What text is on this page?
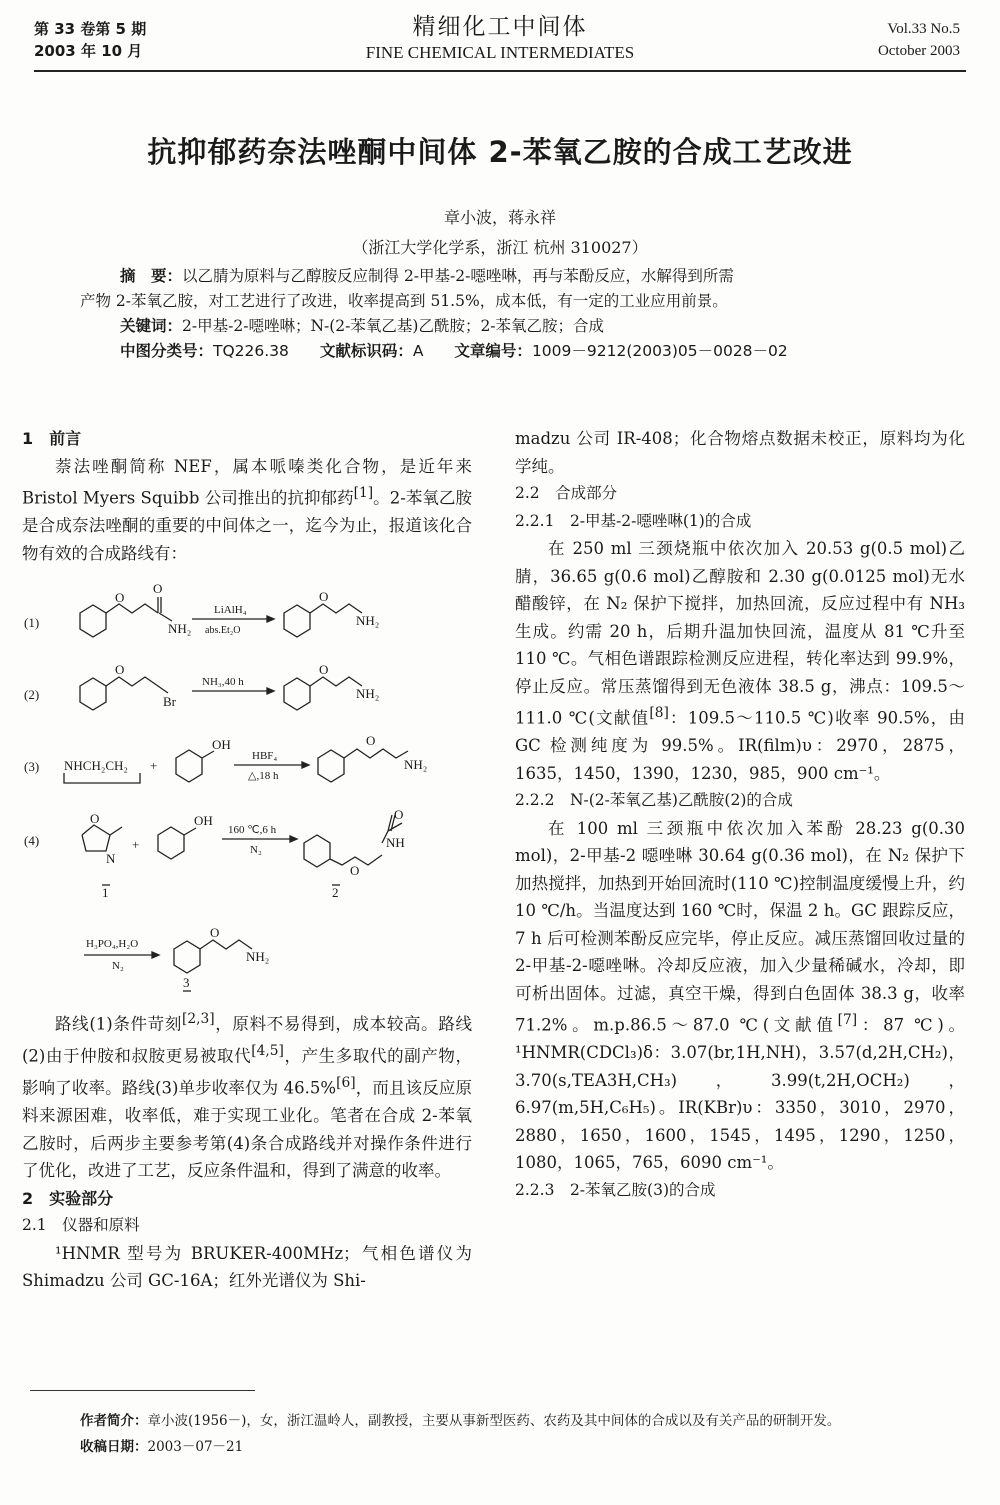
第 33 卷第 5 期
2003 年 10 月
精细化工中间体
FINE CHEMICAL INTERMEDIATES
Vol.33 No.5
October 2003
抗抑郁药奈法唑酮中间体 2-苯氧乙胺的合成工艺改进
章小波，蒋永祥
（浙江大学化学系，浙江 杭州 310027）

摘　要：以乙腈为原料与乙醇胺反应制得 2-甲基-2-噁唑啉，再与苯酚反应，水解得到所需

产物 2-苯氧乙胺，对工艺进行了改进，收率提高到 51.5%，成本低，有一定的工业应用前景。

关键词：2-甲基-2-噁唑啉；N-(2-苯氧乙基)乙酰胺；2-苯氧乙胺；合成

中图分类号：TQ226.38 文献标识码：A 文章编号：1009－9212(2003)05－0028－02

1　前言

萘法唑酮简称 NEF，属本哌嗪类化合物，是近年来 Bristol Myers Squibb 公司推出的抗抑郁药[1]。2-苯氧乙胺是合成奈法唑酮的重要的中间体之一，迄今为止，报道该化合物有效的合成路线有：

(1)
(2)
(3)
(4)
O
O
NH₂
LiAlH₄
abs.Et₂O
O
NH₂
O
Br
NH₃,40 h
O
NH₂
NHCH₂CH₂ +
OH
HBF₄
△,18 h
O
NH₂
O
N
+
OH
160 ℃,6 h
N₂
O
O
NH
1	2
H₃PO₄,H₂O
N₂
O
NH₂
3

路线(1)条件苛刻[2,3]，原料不易得到，成本较高。路线(2)由于仲胺和叔胺更易被取代[4,5]，产生多取代的副产物，影响了收率。路线(3)单步收率仅为 46.5%[6]，而且该反应原料来源困难，收率低，难于实现工业化。笔者在合成 2-苯氧乙胺时，后两步主要参考第(4)条合成路线并对操作条件进行了优化，改进了工艺，反应条件温和，得到了满意的收率。

2　实验部分

2.1　仪器和原料

¹HNMR 型号为 BRUKER-400MHz；气相色谱仪为 Shimadzu 公司 GC-16A；红外光谱仪为 Shi-

madzu 公司 IR-408；化合物熔点数据未校正，原料均为化学纯。

2.2　合成部分

2.2.1　2-甲基-2-噁唑啉(1)的合成

在 250 ml 三颈烧瓶中依次加入 20.53 g(0.5 mol)乙腈，36.65 g(0.6 mol)乙醇胺和 2.30 g(0.0125 mol)无水醋酸锌，在 N₂ 保护下搅拌，加热回流，反应过程中有 NH₃ 生成。约需 20 h，后期升温加快回流，温度从 81 ℃升至 110 ℃。气相色谱跟踪检测反应进程，转化率达到 99.9%，停止反应。常压蒸馏得到无色液体 38.5 g，沸点：109.5～111.0 ℃(文献值[8]：109.5～110.5 ℃)收率 90.5%，由 GC 检测纯度为 99.5%。IR(film)υ：2970，2875，1635，1450，1390，1230，985，900 cm⁻¹。

2.2.2　N-(2-苯氧乙基)乙酰胺(2)的合成

在 100 ml 三颈瓶中依次加入苯酚 28.23 g(0.30 mol)，2-甲基-2 噁唑啉 30.64 g(0.36 mol)，在 N₂ 保护下加热搅拌，加热到开始回流时(110 ℃)控制温度缓慢上升，约 10 ℃/h。当温度达到 160 ℃时，保温 2 h。GC 跟踪反应，7 h 后可检测苯酚反应完毕，停止反应。减压蒸馏回收过量的 2-甲基-2-噁唑啉。冷却反应液，加入少量稀碱水，冷却，即可析出固体。过滤，真空干燥，得到白色固体 38.3 g，收率 71.2%。m.p.86.5～87.0 ℃(文献值[7]：87 ℃)。¹HNMR(CDCl₃)δ：3.07(br,1H,NH)，3.57(d,2H,CH₂)，3.70(s,TEA3H,CH₃)，3.99(t,2H,OCH₂)，6.97(m,5H,C₆H₅)。IR(KBr)υ：3350，3010，2970，2880，1650，1600，1545，1495，1290，1250，1080，1065，765，6090 cm⁻¹。

2.2.3　2-苯氧乙胺(3)的合成

作者简介：章小波(1956－)，女，浙江温岭人，副教授，主要从事新型医药、农药及其中间体的合成以及有关产品的研制开发。
收稿日期：2003－07－21
